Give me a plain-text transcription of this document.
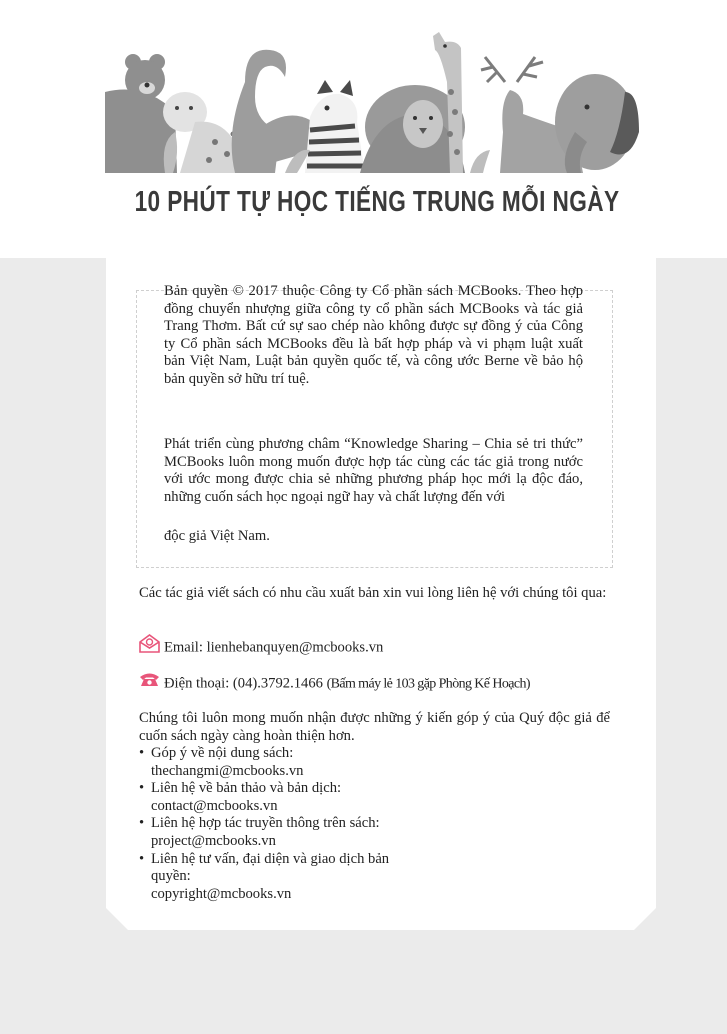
10 PHÚT TỰ HỌC TIẾNG TRUNG MỖI NGÀY

Bản quyền © 2017 thuộc Công ty Cổ phần sách MCBooks. Theo hợp đồng chuyển nhượng giữa công ty cổ phần sách MCBooks và tác giả Trang Thơm. Bất cứ sự sao chép nào không được sự đồng ý của Công ty Cổ phần sách MCBooks đều là bất hợp pháp và vi phạm luật xuất bản Việt Nam, Luật bản quyền quốc tế, và công ước Berne về bảo hộ bản quyền sở hữu trí tuệ.

Phát triển cùng phương châm “Knowledge Sharing – Chia sẻ tri thức” MCBooks luôn mong muốn được hợp tác cùng các tác giả trong nước với ước mong được chia sẻ những phương pháp học mới lạ độc đáo, những cuốn sách học ngoại ngữ hay và chất lượng đến với

độc giả Việt Nam.

Các tác giả viết sách có nhu cầu xuất bản xin vui lòng liên hệ với chúng tôi qua:

Email: lienhebanquyen@mcbooks.vn

Điện thoại: (04).3792.1466 (Bấm máy lẻ 103 gặp Phòng Kế Hoạch)

Chúng tôi luôn mong muốn nhận được những ý kiến góp ý của Quý độc giả để cuốn sách ngày càng hoàn thiện hơn.

• Góp ý về nội dung sách:
thechangmi@mcbooks.vn
• Liên hệ về bản thảo và bản dịch:
contact@mcbooks.vn
• Liên hệ hợp tác truyền thông trên sách: project@mcbooks.vn
• Liên hệ tư vấn, đại diện và giao dịch bản quyền:
copyright@mcbooks.vn
